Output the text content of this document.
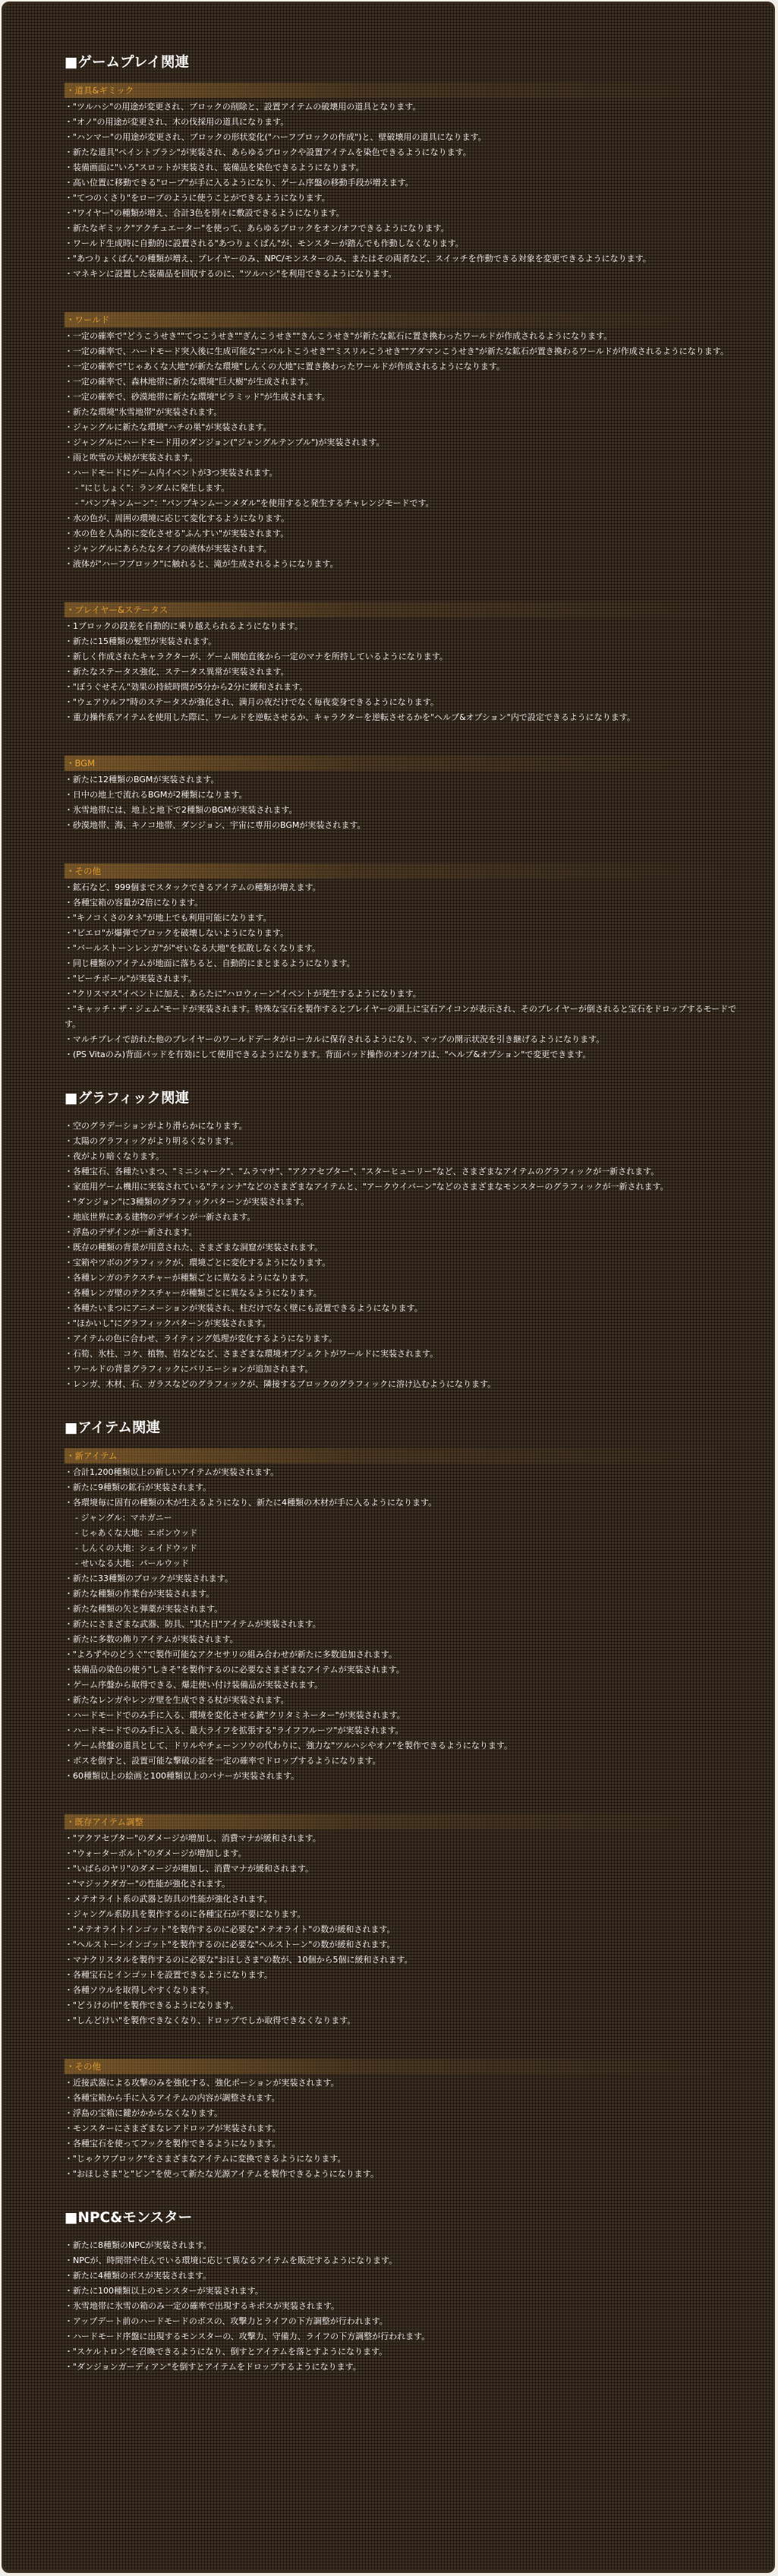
■ゲームプレイ関連
・道具&ギミック
・"ツルハシ"の用途が変更され、ブロックの削除と、設置アイテムの破壊用の道具となります。
・"オノ"の用途が変更され、木の伐採用の道具になります。
・"ハンマー"の用途が変更され、ブロックの形状変化("ハーフブロックの作成")と、壁破壊用の道具になります。
・新たな道具"ペイントブラシ"が実装され、あらゆるブロックや設置アイテムを染色できるようになります。
・装備画面に"いろ"スロットが実装され、装備品を染色できるようになります。
・高い位置に移動できる"ロープ"が手に入るようになり、ゲーム序盤の移動手段が増えます。
・"てつのくさり"をロープのように使うことができるようになります。
・"ワイヤー"の種類が増え、合計3色を別々に敷設できるようになります。
・新たなギミック"アクチュエーター"を使って、あらゆるブロックをオン/オフできるようになります。
・ワールド生成時に自動的に設置される"あつりょくばん"が、モンスターが踏んでも作動しなくなります。
・"あつりょくばん"の種類が増え、プレイヤーのみ、NPC/モンスターのみ、またはその両者など、スイッチを作動できる対象を変更できるようになります。
・マネキンに設置した装備品を回収するのに、"ツルハシ"を利用できるようになります。
・ワールド
・一定の確率で"どうこうせき""てつこうせき""ぎんこうせき""きんこうせき"が新たな鉱石に置き換わったワールドが作成されるようになります。
・一定の確率で、ハードモード突入後に生成可能な"コバルトこうせき""ミスリルこうせき""アダマンこうせき"が新たな鉱石が置き換わるワールドが作成されるようになります。
・一定の確率で"じゃあくな大地"が新たな環境"しんくの大地"に置き換わったワールドが作成されるようになります。
・一定の確率で、森林地帯に新たな環境"巨大樹"が生成されます。
・一定の確率で、砂漠地帯に新たな環境"ピラミッド"が生成されます。
・新たな環境"氷雪地帯"が実装されます。
・ジャングルに新たな環境"ハチの巣"が実装されます。
・ジャングルにハードモード用のダンジョン("ジャングルテンプル")が実装されます。
・雨と吹雪の天候が実装されます。
・ハードモードにゲーム内イベントが3つ実装されます。
- "にじしょく"：ランダムに発生します。
- "パンプキンムーン"："パンプキンムーンメダル"を使用すると発生するチャレンジモードです。
・水の色が、周囲の環境に応じて変化するようになります。
・水の色を人為的に変化させる"ふんすい"が実装されます。
・ジャングルにあらたなタイプの液体が実装されます。
・液体が"ハーフブロック"に触れると、滝が生成されるようになります。
・プレイヤー&ステータス
・1ブロックの段差を自動的に乗り越えられるようになります。
・新たに15種類の髪型が実装されます。
・新しく作成されたキャラクターが、ゲーム開始直後から一定のマナを所持しているようになります。
・新たなステータス強化、ステータス異常が実装されます。
・"ぼうぐせそん"効果の持続時間が5分から2分に緩和されます。
・"ウェアウルフ"時のステータスが強化され、満月の夜だけでなく毎夜変身できるようになります。
・重力操作系アイテムを使用した際に、ワールドを逆転させるか、キャラクターを逆転させるかを"ヘルプ&オプション"内で設定できるようになります。
・BGM
・新たに12種類のBGMが実装されます。
・日中の地上で流れるBGMが2種類になります。
・氷雪地帯には、地上と地下で2種類のBGMが実装されます。
・砂漠地帯、海、キノコ地帯、ダンジョン、宇宙に専用のBGMが実装されます。
・その他
・鉱石など、999個までスタックできるアイテムの種類が増えます。
・各種宝箱の容量が2倍になります。
・"キノコくさのタネ"が地上でも利用可能になります。
・"ビエロ"が爆弾でブロックを破壊しないようになります。
・"バールストーンレンガ"が"せいなる大地"を拡散しなくなります。
・同じ種類のアイテムが地面に落ちると、自動的にまとまるようになります。
・"ビーチボール"が実装されます。
・"クリスマス"イベントに加え、あらたに"ハロウィーン"イベントが発生するようになります。
・"キャッチ・ザ・ジェム"モードが実装されます。特殊な宝石を製作するとプレイヤーの頭上に宝石アイコンが表示され、そのプレイヤーが倒されると宝石をドロップするモードです。
・マルチプレイで訪れた他のプレイヤーのワールドデータがローカルに保存されるようになり、マップの開示状況を引き継げるようになります。
・(PS Vitaのみ)背面パッドを有効にして使用できるようになります。背面パッド操作のオン/オフは、"ヘルプ&オプション"で変更できます。
■グラフィック関連
・空のグラデーションがより滑らかになります。
・太陽のグラフィックがより明るくなります。
・夜がより暗くなります。
・各種宝石、各種たいまつ、"ミニシャーク"、"ムラマサ"、"アクアセプター"、"スターヒューリー"など、さまざまなアイテムのグラフィックが一新されます。
・家庭用ゲーム機用に実装されている"ティンナ"などのさまざまなアイテムと、"アークウイバーン"などのさまざまなモンスターのグラフィックが一新されます。
・"ダンジョン"に3種類のグラフィックパターンが実装されます。
・地底世界にある建物のデザインが一新されます。
・浮島のデザインが一新されます。
・既存の種類の背景が用意された、さまざまな洞窟が実装されます。
・宝箱やツボのグラフィックが、環境ごとに変化するようになります。
・各種レンガのテクスチャーが種類ごとに異なるようになります。
・各種レンガ壁のテクスチャーが種類ごとに異なるようになります。
・各種たいまつにアニメーションが実装され、柱だけでなく壁にも設置できるようになります。
・"ほかいし"にグラフィックパターンが実装されます。
・アイテムの色に合わせ、ライティング処理が変化するようになります。
・石筍、氷柱、コケ、植物、岩などなど、さまざまな環境オブジェクトがワールドに実装されます。
・ワールドの背景グラフィックにバリエーションが追加されます。
・レンガ、木材、石、ガラスなどのグラフィックが、隣接するブロックのグラフィックに溶け込むようになります。
■アイテム関連
・新アイテム
・合計1,200種類以上の新しいアイテムが実装されます。
・新たに9種類の鉱石が実装されます。
・各環境毎に固有の種類の木が生えるようになり、新たに4種類の木材が手に入るようになります。
- ジャングル：マホガニー
- じゃあくな大地：エボンウッド
- しんくの大地：シェイドウッド
- せいなる大地：パールウッド
・新たに33種類のブロックが実装されます。
・新たな種類の作業台が実装されます。
・新たな種類の矢と弾薬が実装されます。
・新たにさまざまな武器、防具、"其た日"アイテムが実装されます。
・新たに多数の飾りアイテムが実装されます。
・"よろずやのどうぐ"で製作可能なアクセサリの組み合わせが新たに多数追加されます。
・装備品の染色の使う"しきそ"を製作するのに必要なさまざまなアイテムが実装されます。
・ゲーム序盤から取得できる、爆走使い付け装備品が実装されます。
・新たなレンガやレンガ壁を生成できる杖が実装されます。
・ハードモードでのみ手に入る、環境を変化させる銃"クリタミネーター"が実装されます。
・ハードモードでのみ手に入る、最大ライフを拡張する"ライフフルーツ"が実装されます。
・ゲーム終盤の道具として、ドリルやチェーンソウの代わりに、強力な"ツルハシやオノ"を製作できるようになります。
・ボスを倒すと、設置可能な撃破の証を一定の確率でドロップするようになります。
・60種類以上の絵画と100種類以上のバナーが実装されます。
・既存アイテム調整
・"アクアセプター"のダメージが増加し、消費マナが緩和されます。
・"ウォーターボルト"のダメージが増加します。
・"いばらのヤリ"のダメージが増加し、消費マナが緩和されます。
・"マジックダガー"の性能が強化されます。
・メテオライト系の武器と防具の性能が強化されます。
・ジャングル系防具を製作するのに各種宝石が不要になります。
・"メテオライトインゴット"を製作するのに必要な"メテオライト"の数が緩和されます。
・"ヘルストーンインゴット"を製作するのに必要な"ヘルストーン"の数が緩和されます。
・マナクリスタルを製作するのに必要な"おほしさま"の数が、10個から5個に緩和されます。
・各種宝石とインゴットを設置できるようになります。
・各種ソウルを取得しやすくなります。
・"どうけの巾"を製作できるようになります。
・"しんどけい"を製作できなくなり、ドロップでしか取得できなくなります。
・その他
・近接武器による攻撃のみを強化する、強化ポーションが実装されます。
・各種宝箱から手に入るアイテムの内容が調整されます。
・浮島の宝箱に鍵がかからなくなります。
・モンスターにさまざまなレアドロップが実装されます。
・各種宝石を使ってフックを製作できるようになります。
・"じゃクワブロック"をさまざまなアイテムに変換できるようになります。
・"おほしさま"と"ビン"を使って新たな光源アイテムを製作できるようになります。
■NPC&モンスター
・新たに8種類のNPCが実装されます。
・NPCが、時間帯や住んでいる環境に応じて異なるアイテムを販売するようになります。
・新たに4種類のボスが実装されます。
・新たに100種類以上のモンスターが実装されます。
・氷雪地帯に氷雪の箱のみ一定の確率で出現するキボスが実装されます。
・アップデート前のハードモードのボスの、攻撃力とライフの下方調整が行われます。
・ハードモード序盤に出現するモンスターの、攻撃力、守備力、ライフの下方調整が行われます。
・"スケルトロン"を召喚できるようになり、倒すとアイテムを落とすようになります。
・"ダンジョンガーディアン"を倒すとアイテムをドロップするようになります。
